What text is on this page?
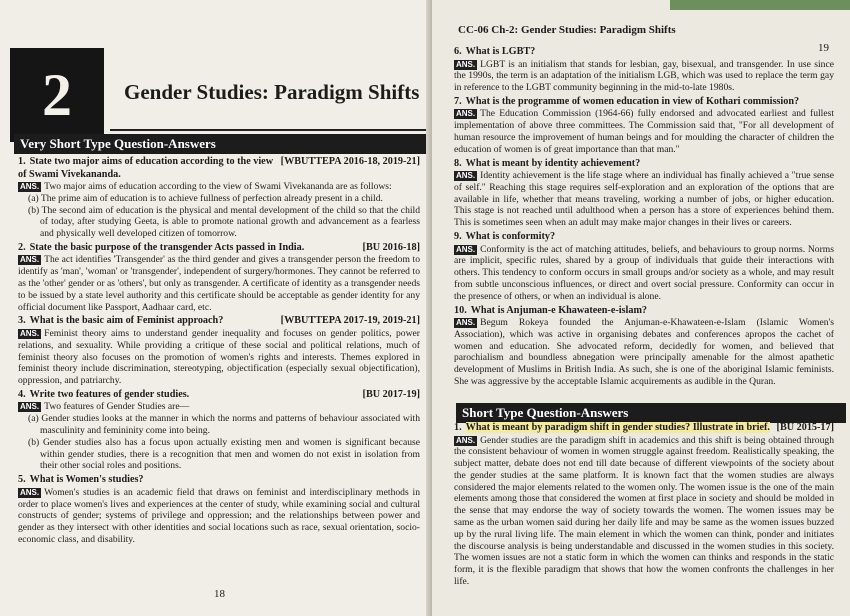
2	Gender Studies: Paradigm Shifts
Very Short Type Question-Answers

[WBUTTEPA 2016-18, 2019-21]
1. State two major aims of education according to the view of Swami Vivekananda.

ANS. Two major aims of education according to the view of Swami Vivekananda are as follows:

(a) The prime aim of education is to achieve fullness of perfection already present in a child.

(b) The second aim of education is the physical and mental development of the child so that the child of today, after studying Geeta, is able to promote national growth and advancement as a fearless and physically well developed citizen of tomorrow.

[BU 2016-18]
2. State the basic purpose of the transgender Acts passed in India.

ANS. The act identifies 'Transgender' as the third gender and gives a transgender person the freedom to identify as 'man', 'woman' or 'transgender', independent of surgery/hormones. They cannot be referred to as the 'other' gender or as 'others', but only as transgender. A certificate of identity as a transgender needs to be issued by a state level authority and this certificate should be acceptable as gender identity for any official document like Passport, Aadhaar card, etc.

[WBUTTEPA 2017-19, 2019-21]
3. What is the basic aim of Feminist approach?

ANS. Feminist theory aims to understand gender inequality and focuses on gender politics, power relations, and sexuality. While providing a critique of these social and political relations, much of feminist theory also focuses on the promotion of women's rights and interests. Themes explored in feminist theory include discrimination, stereotyping, objectification (especially sexual objectification), oppression, and patriarchy.

[BU 2017-19]
4. Write two features of gender studies.

ANS. Two features of Gender Studies are—

(a) Gender studies looks at the manner in which the norms and patterns of behaviour associated with masculinity and femininity come into being.

(b) Gender studies also has a focus upon actually existing men and women is significant because within gender studies, there is a recognition that men and women do not exist in isolation from their other social roles and positions.

5. What is Women's studies?

ANS. Women's studies is an academic field that draws on feminist and interdisciplinary methods in order to place women's lives and experiences at the center of study, while examining social and cultural constructs of gender; systems of privilege and oppression; and the relationships between power and gender as they intersect with other identities and social locations such as race, sexual orientation, socio-economic class, and disability.

18
CC-06 Ch-2: Gender Studies: Paradigm Shifts
19

6. What is LGBT?

ANS. LGBT is an initialism that stands for lesbian, gay, bisexual, and transgender. In use since the 1990s, the term is an adaptation of the initialism LGB, which was used to replace the term gay in reference to the LGBT community beginning in the mid-to-late 1980s.

7. What is the programme of women education in view of Kothari commission?

ANS. The Education Commission (1964-66) fully endorsed and advocated earliest and fullest implementation of above three committees. The Commission said that, "For all development of human resource the improvement of human beings and for moulding the character of children the education of women is of great importance than that man."

8. What is meant by identity achievement?

ANS. Identity achievement is the life stage where an individual has finally achieved a "true sense of self." Reaching this stage requires self-exploration and an exploration of the options that are available in life, whether that means traveling, working a number of jobs, or higher education. This stage is not reached until adulthood when a person has a store of experiences behind them. This is sometimes seen when an adult may make major changes in their lives or careers.

9. What is conformity?

ANS. Conformity is the act of matching attitudes, beliefs, and behaviours to group norms. Norms are implicit, specific rules, shared by a group of individuals that guide their interactions with others. This tendency to conform occurs in small groups and/or society as a whole, and may result from subtle unconscious influences, or direct and overt social pressure. Conformity can occur in the presence of others, or when an individual is alone.

10. What is Anjuman-e Khawateen-e-islam?

ANS. Begum Rokeya founded the Anjuman-e-Khawateen-e-Islam (Islamic Women's Association), which was active in organising debates and conferences apropos the cachet of women and education. She advocated reform, decidedly for women, and believed that parochialism and boundless abnegation were principally amenable for the almost apathetic development of Muslims in British India. As such, she is one of the aboriginal Islamic feminists. She was aggressive by the acceptable Islamic acquirements as audible in the Quran.

Short Type Question-Answers

[BU 2015-17]
1. What is meant by paradigm shift in gender studies? Illustrate in brief.

ANS. Gender studies are the paradigm shift in academics and this shift is being obtained through the consistent behaviour of women in women struggle against freedom. Realistically speaking, the subject matter, debate does not end till date because of different viewpoints of the society about the gender studies at the same platform. It is known fact that the women studies are always considered the major elements related to the women only. The women issue is the one of the main elements among those that considered the women at first place in society and should be molded in the sense that may endorse the way of society towards the women. The women issues may be same as the urban women said during her daily life and may be same as the women issues buzzed up by the rural living life. The main element in which the women can think, ponder and initiates the discourse analysis is being understandable and discussed in the women studies in this society. The women issues are not a static form in which the women can thinks and responds in the static form, it is the flexible paradigm that shows that how the women confronts the challenges in her life.
